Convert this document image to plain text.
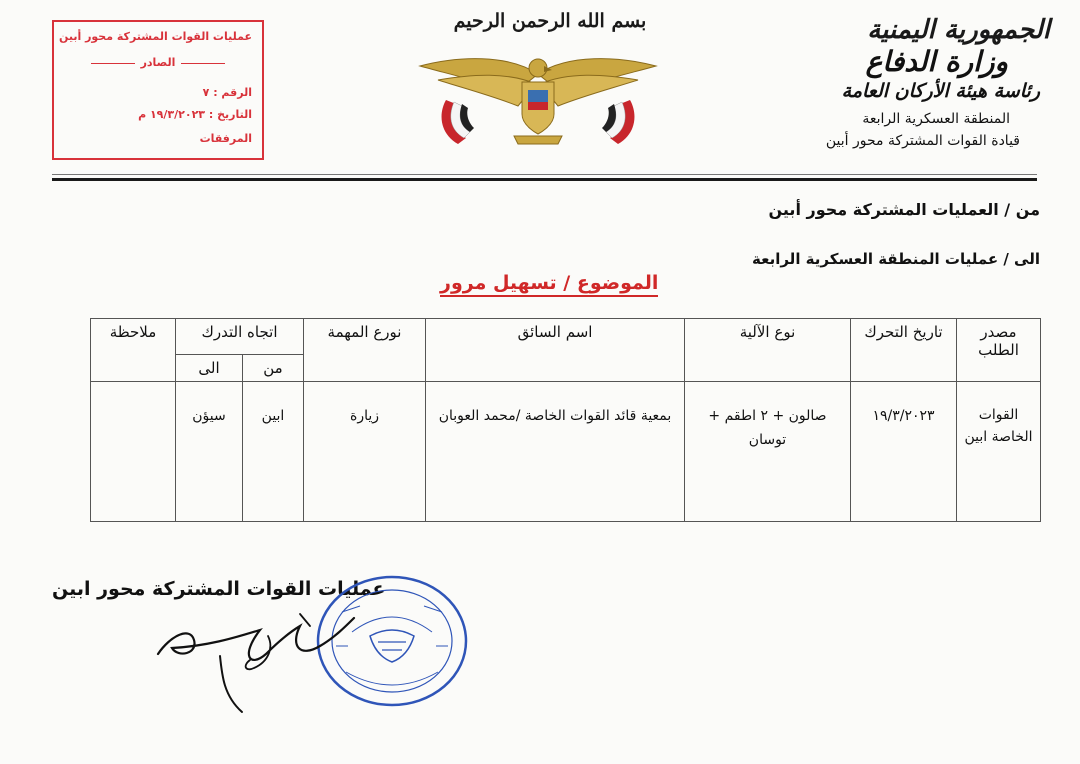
عمليات القوات المشتركة محور أبين
الصادر
الرقم : ٧
التاريخ : ١٩/٣/٢٠٢٣ م
المرفقات
بسم الله الرحمن الرحيم	الجمهورية اليمنية
وزارة الدفاع
رئاسة هيئة الأركان العامة
المنطقة العسكرية الرابعة
قيادة القوات المشتركة محور أبين
من / العمليات المشتركة محور أبين
الى / عمليات المنطقة العسكرية الرابعة
الموضوع / تسهيل مرور
مصدر الطلب	تاريخ التحرك	نوع الآلية	اسم السائق	نورع المهمة	اتجاه التدرك		ملاحظة
					من	الى	
القوات الخاصة ابين	١٩/٣/٢٠٢٣	صالون + ٢ اطقم + توسان	بمعية قائد القوات الخاصة /محمد العوبان	زيارة	ابين	سيؤن	
عمليات القوات المشتركة محور ابين
